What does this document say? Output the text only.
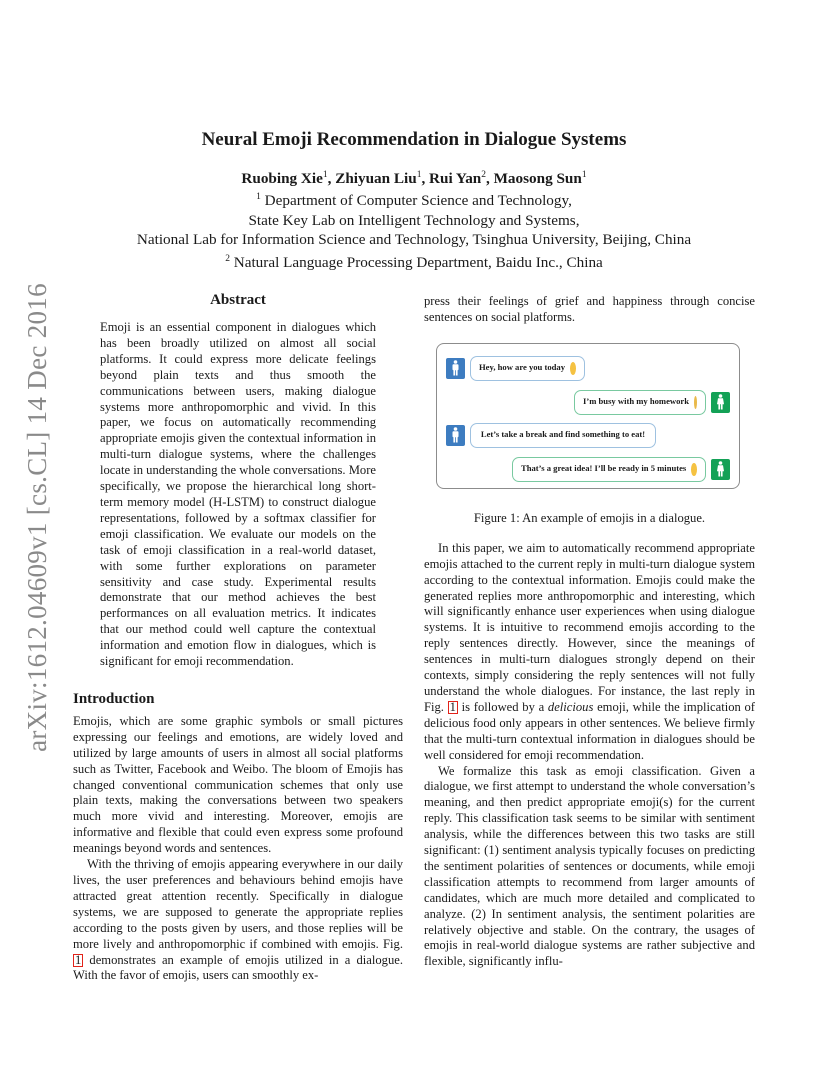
arXiv:1612.04609v1 [cs.CL] 14 Dec 2016
Neural Emoji Recommendation in Dialogue Systems
Ruobing Xie$^1$, Zhiyuan Liu$^1$, Rui Yan$^2$, Maosong Sun$^1$
$^1$ Department of Computer Science and Technology,
State Key Lab on Intelligent Technology and Systems,
National Lab for Information Science and Technology, Tsinghua University, Beijing, China
$^2$ Natural Language Processing Department, Baidu Inc., China
Abstract
Emoji is an essential component in dialogues which has been broadly utilized on almost all social platforms. It could express more delicate feelings beyond plain texts and thus smooth the communications between users, making dialogue systems more anthropomorphic and vivid. In this paper, we focus on automatically recommending appropriate emojis given the contextual information in multi-turn dialogue systems, where the challenges locate in understanding the whole conversations. More specifically, we propose the hierarchical long short-term memory model (H-LSTM) to construct dialogue representations, followed by a softmax classifier for emoji classification. We evaluate our models on the task of emoji classification in a real-world dataset, with some further explorations on parameter sensitivity and case study. Experimental results demonstrate that our method achieves the best performances on all evaluation metrics. It indicates that our method could well capture the contextual information and emotion flow in dialogues, which is significant for emoji recommendation.
Introduction
Emojis, which are some graphic symbols or small pictures expressing our feelings and emotions, are widely loved and utilized by large amounts of users in almost all social platforms such as Twitter, Facebook and Weibo. The bloom of Emojis has changed conventional communication schemes that only use plain texts, making the conversations between two speakers much more vivid and interesting. Moreover, emojis are informative and flexible that could even express some profound meanings beyond words and sentences.
With the thriving of emojis appearing everywhere in our daily lives, the user preferences and behaviours behind emojis have attracted great attention recently. Specifically in dialogue systems, we are supposed to generate the appropriate replies according to the posts given by users, and those replies will be more lively and anthropomorphic if combined with emojis. Fig. 1 demonstrates an example of emojis utilized in a dialogue. With the favor of emojis, users can smoothly ex-
press their feelings of grief and happiness through concise sentences on social platforms.
Hey, how are you today
I’m busy with my homework
Let’s take a break and find something to eat!
That’s a great idea! I’ll be ready in 5 minutes
Figure 1: An example of emojis in a dialogue.
In this paper, we aim to automatically recommend appropriate emojis attached to the current reply in multi-turn dialogue system according to the contextual information. Emojis could make the generated replies more anthropomorphic and interesting, which will significantly enhance user experiences when using dialogue systems. It is intuitive to recommend emojis according to the reply sentences directly. However, since the meanings of sentences in multi-turn dialogues strongly depend on their contexts, simply considering the reply sentences will not fully understand the whole dialogues. For instance, the last reply in Fig. 1 is followed by a delicious emoji, while the implication of delicious food only appears in other sentences. We believe firmly that the multi-turn contextual information in dialogues should be well considered for emoji recommendation.
We formalize this task as emoji classification. Given a dialogue, we first attempt to understand the whole conversation’s meaning, and then predict appropriate emoji(s) for the current reply. This classification task seems to be similar with sentiment analysis, while the differences between this two tasks are still significant: (1) sentiment analysis typically focuses on predicting the sentiment polarities of sentences or documents, while emoji classification attempts to recommend from larger amounts of candidates, which are much more detailed and complicated to analyze. (2) In sentiment analysis, the sentiment polarities are relatively objective and stable. On the contrary, the usages of emojis in real-world dialogue systems are rather subjective and flexible, significantly influ-
